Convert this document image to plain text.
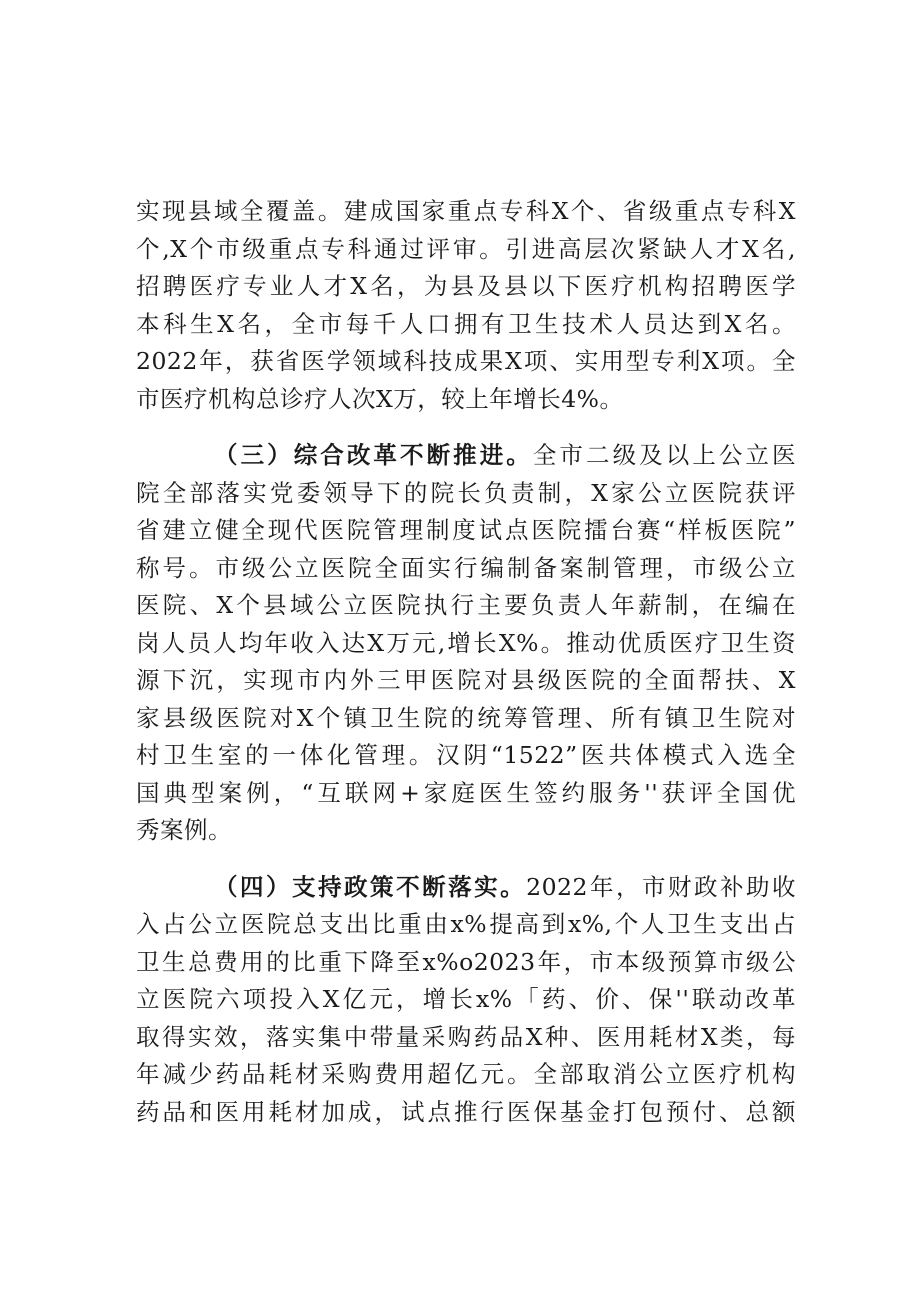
实现县域全覆盖。建成国家重点专科X个、省级重点专科X
个,X个市级重点专科通过评审。引进高层次紧缺人才X名,
招聘医疗专业人才X名，为县及县以下医疗机构招聘医学
本科生X名，全市每千人口拥有卫生技术人员达到X名。
2022年，获省医学领域科技成果X项、实用型专利X项。全
市医疗机构总诊疗人次X万，较上年增长4%。
（三）综合改革不断推进。全市二级及以上公立医
院全部落实党委领导下的院长负责制，X家公立医院获评
省建立健全现代医院管理制度试点医院擂台赛“样板医院”
称号。市级公立医院全面实行编制备案制管理，市级公立
医院、X个县域公立医院执行主要负责人年薪制，在编在
岗人员人均年收入达X万元,增长X%。推动优质医疗卫生资
源下沉，实现市内外三甲医院对县级医院的全面帮扶、X
家县级医院对X个镇卫生院的统筹管理、所有镇卫生院对
村卫生室的一体化管理。汉阴“1522”医共体模式入选全
国典型案例，“互联网+家庭医生签约服务''获评全国优
秀案例。
（四）支持政策不断落实。2022年，市财政补助收
入占公立医院总支出比重由x%提高到x%,个人卫生支出占
卫生总费用的比重下降至x%o2023年，市本级预算市级公
立医院六项投入X亿元，增长x%「药、价、保''联动改革
取得实效，落实集中带量采购药品X种、医用耗材X类，每
年减少药品耗材采购费用超亿元。全部取消公立医疗机构
药品和医用耗材加成，试点推行医保基金打包预付、总额
